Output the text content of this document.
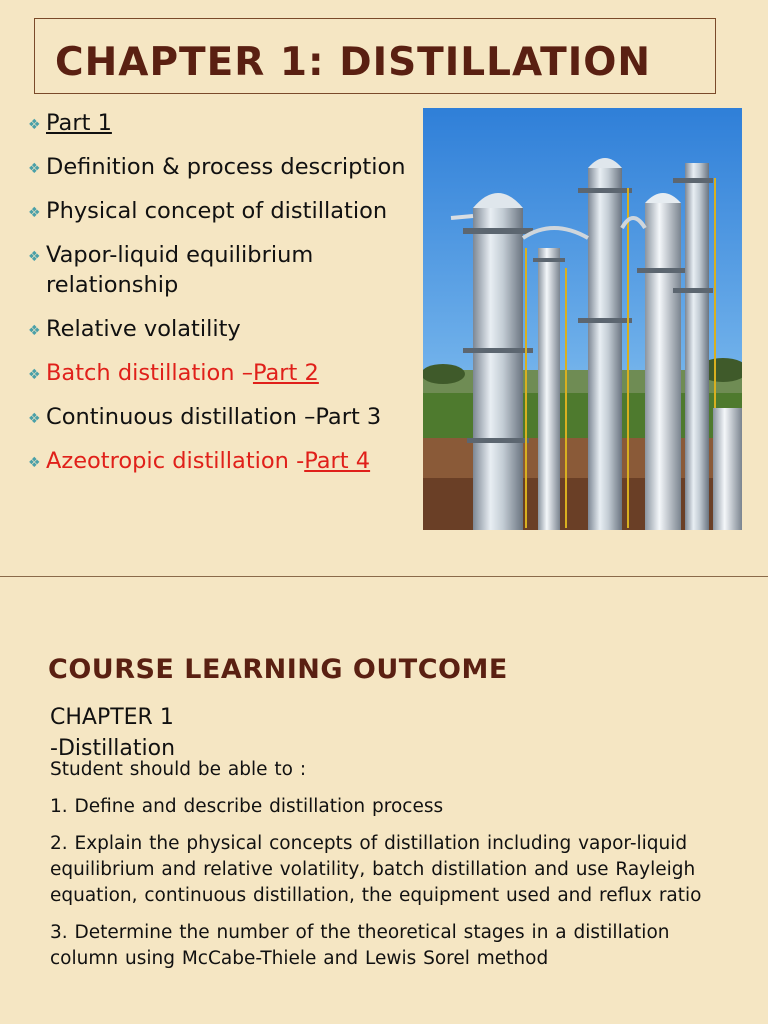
CHAPTER 1: DISTILLATION
❖ Part 1
❖ Definition & process description
❖ Physical concept of distillation
❖ Vapor-liquid equilibrium relationship
❖ Relative volatility
❖ Batch distillation –Part 2
❖ Continuous distillation –Part 3
❖ Azeotropic distillation -Part 4
COURSE LEARNING OUTCOME
CHAPTER 1
-Distillation

Student should be able to :

1. Define and describe distillation process

2. Explain the physical concepts of distillation including vapor-liquid equilibrium and relative volatility, batch distillation and use Rayleigh equation, continuous distillation, the equipment used and reflux ratio

3. Determine the number of the theoretical stages in a distillation column using McCabe-Thiele and Lewis Sorel method
